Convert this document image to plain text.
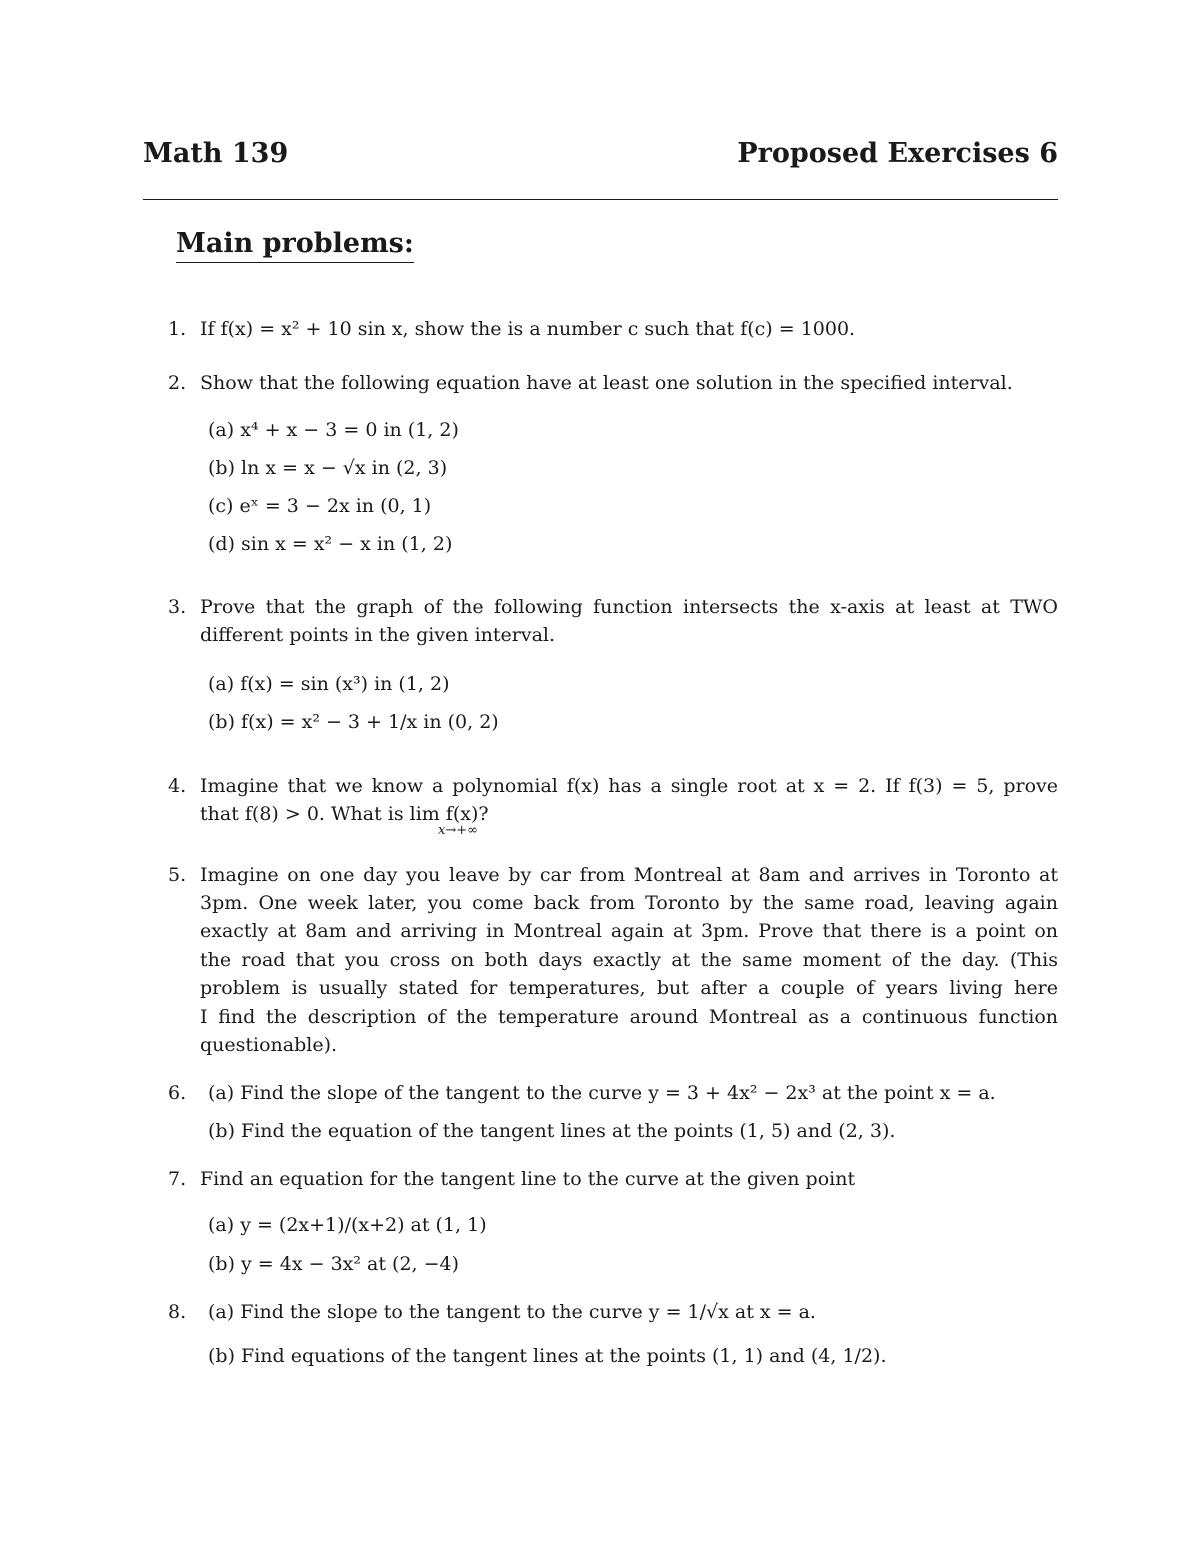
Math 139	Proposed Exercises 6
Main problems:
1. If f(x) = x² + 10 sin x, show the is a number c such that f(c) = 1000.
2. Show that the following equation have at least one solution in the specified interval.
(a) x⁴ + x − 3 = 0 in (1, 2)
(b) ln x = x − √x in (2, 3)
(c) eˣ = 3 − 2x in (0, 1)
(d) sin x = x² − x in (1, 2)
3. Prove that the graph of the following function intersects the x-axis at least at TWO
different points in the given interval.
(a) f(x) = sin (x³) in (1, 2)
(b) f(x) = x² − 3 + 1/x in (0, 2)
4. Imagine that we know a polynomial f(x) has a single root at x = 2. If f(3) = 5, prove
that f(8) > 0. What is lim f(x)?
x→+∞
5. Imagine on one day you leave by car from Montreal at 8am and arrives in Toronto at
3pm. One week later, you come back from Toronto by the same road, leaving again
exactly at 8am and arriving in Montreal again at 3pm. Prove that there is a point on
the road that you cross on both days exactly at the same moment of the day. (This
problem is usually stated for temperatures, but after a couple of years living here
I find the description of the temperature around Montreal as a continuous function
questionable).
6. (a) Find the slope of the tangent to the curve y = 3 + 4x² − 2x³ at the point x = a.
(b) Find the equation of the tangent lines at the points (1, 5) and (2, 3).
7. Find an equation for the tangent line to the curve at the given point
(a) y = (2x+1)/(x+2) at (1, 1)
(b) y = 4x − 3x² at (2, −4)
8. (a) Find the slope to the tangent to the curve y = 1/√x at x = a.
(b) Find equations of the tangent lines at the points (1, 1) and (4, 1/2).
